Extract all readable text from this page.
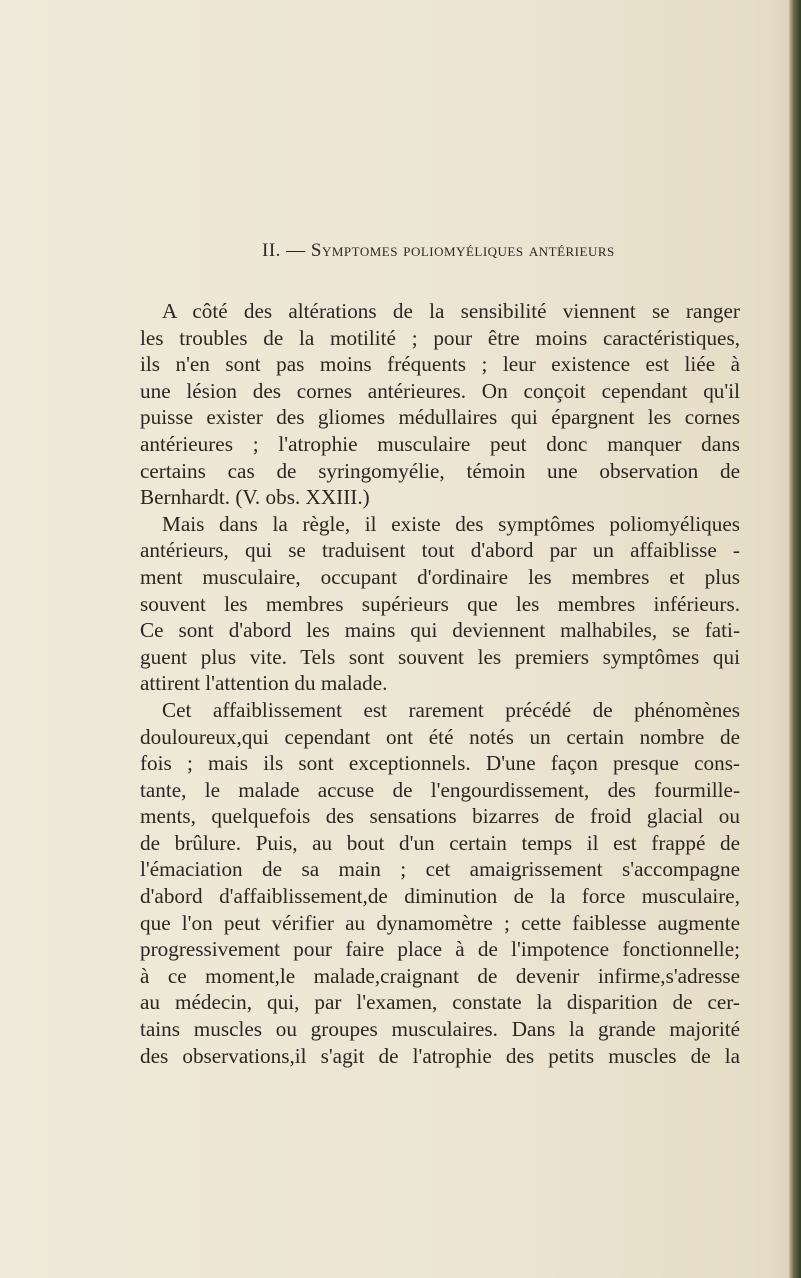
II. — Symptomes poliomyéliques antérieurs
A côté des altérations de la sensibilité viennent se ranger
les troubles de la motilité ; pour être moins caractéristiques,
ils n'en sont pas moins fréquents ; leur existence est liée à
une lésion des cornes antérieures. On conçoit cependant qu'il
puisse exister des gliomes médullaires qui épargnent les cornes
antérieures ; l'atrophie musculaire peut donc manquer dans
certains cas de syringomyélie, témoin une observation de
Bernhardt. (V. obs. XXIII.)
Mais dans la règle, il existe des symptômes poliomyéliques
antérieurs, qui se traduisent tout d'abord par un affaiblisse -
ment musculaire, occupant d'ordinaire les membres et plus
souvent les membres supérieurs que les membres inférieurs.
Ce sont d'abord les mains qui deviennent malhabiles, se fati-
guent plus vite. Tels sont souvent les premiers symptômes qui
attirent l'attention du malade.
Cet affaiblissement est rarement précédé de phénomènes
douloureux,qui cependant ont été notés un certain nombre de
fois ; mais ils sont exceptionnels. D'une façon presque cons-
tante, le malade accuse de l'engourdissement, des fourmille-
ments, quelquefois des sensations bizarres de froid glacial ou
de brûlure. Puis, au bout d'un certain temps il est frappé de
l'émaciation de sa main ; cet amaigrissement s'accompagne
d'abord d'affaiblissement,de diminution de la force musculaire,
que l'on peut vérifier au dynamomètre ; cette faiblesse augmente
progressivement pour faire place à de l'impotence fonctionnelle;
à ce moment,le malade,craignant de devenir infirme,s'adresse
au médecin, qui, par l'examen, constate la disparition de cer-
tains muscles ou groupes musculaires. Dans la grande majorité
des observations,il s'agit de l'atrophie des petits muscles de la
